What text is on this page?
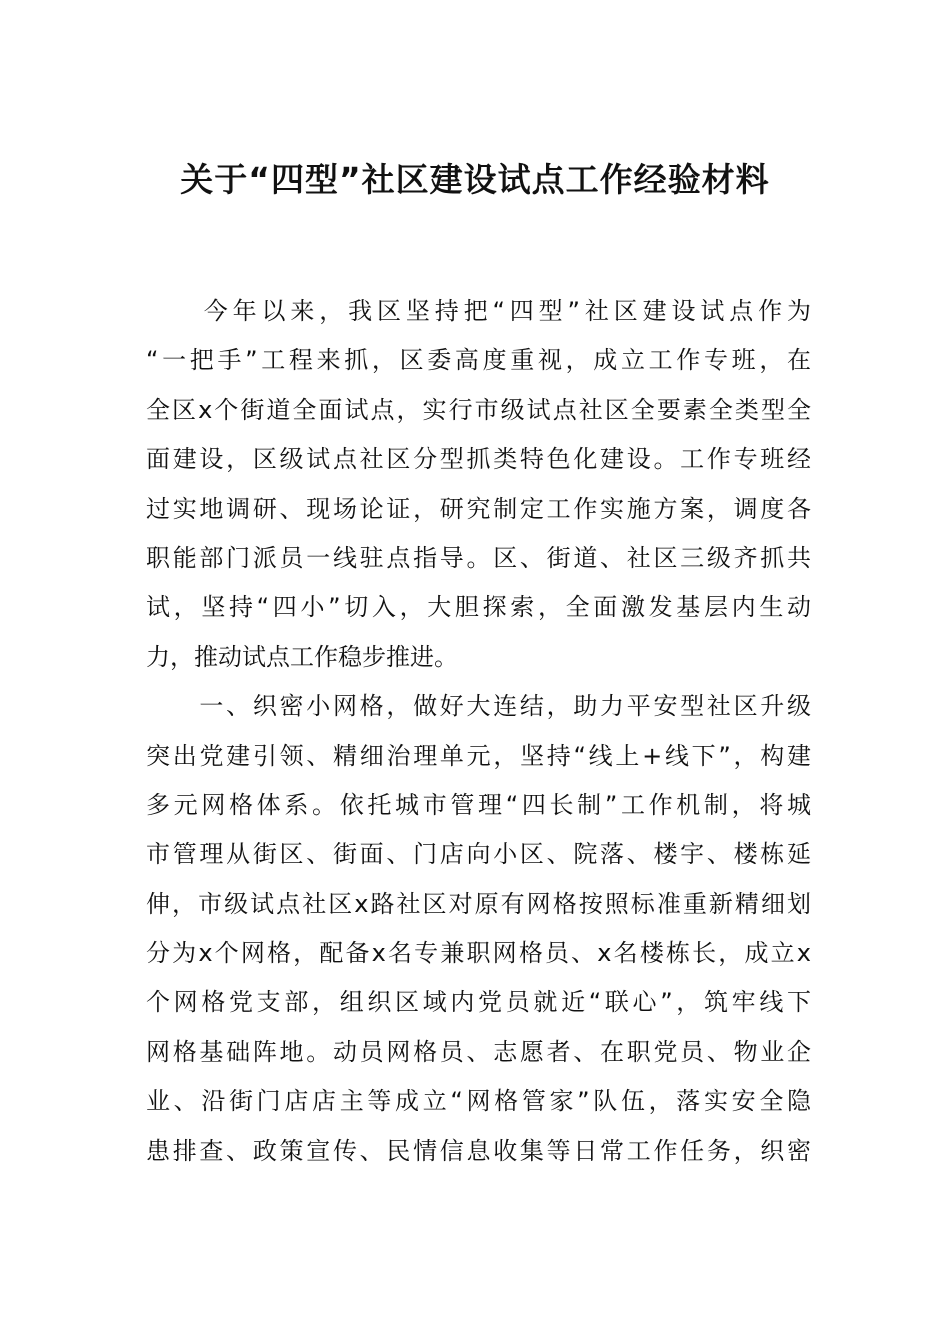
关于“四型”社区建设试点工作经验材料
　　今年以来，我区坚持把“四型”社区建设试点作为
“一把手”工程来抓，区委高度重视，成立工作专班，在
全区x个街道全面试点，实行市级试点社区全要素全类型全
面建设，区级试点社区分型抓类特色化建设。工作专班经
过实地调研、现场论证，研究制定工作实施方案，调度各
职能部门派员一线驻点指导。区、街道、社区三级齐抓共
试，坚持“四小”切入，大胆探索，全面激发基层内生动
力，推动试点工作稳步推进。
　　一、织密小网格，做好大连结，助力平安型社区升级
突出党建引领、精细治理单元，坚持“线上+线下”，构建
多元网格体系。依托城市管理“四长制”工作机制，将城
市管理从街区、街面、门店向小区、院落、楼宇、楼栋延
伸，市级试点社区x路社区对原有网格按照标准重新精细划
分为x个网格，配备x名专兼职网格员、x名楼栋长，成立x
个网格党支部，组织区域内党员就近“联心”，筑牢线下
网格基础阵地。动员网格员、志愿者、在职党员、物业企
业、沿街门店店主等成立“网格管家”队伍，落实安全隐
患排查、政策宣传、民情信息收集等日常工作任务，织密
